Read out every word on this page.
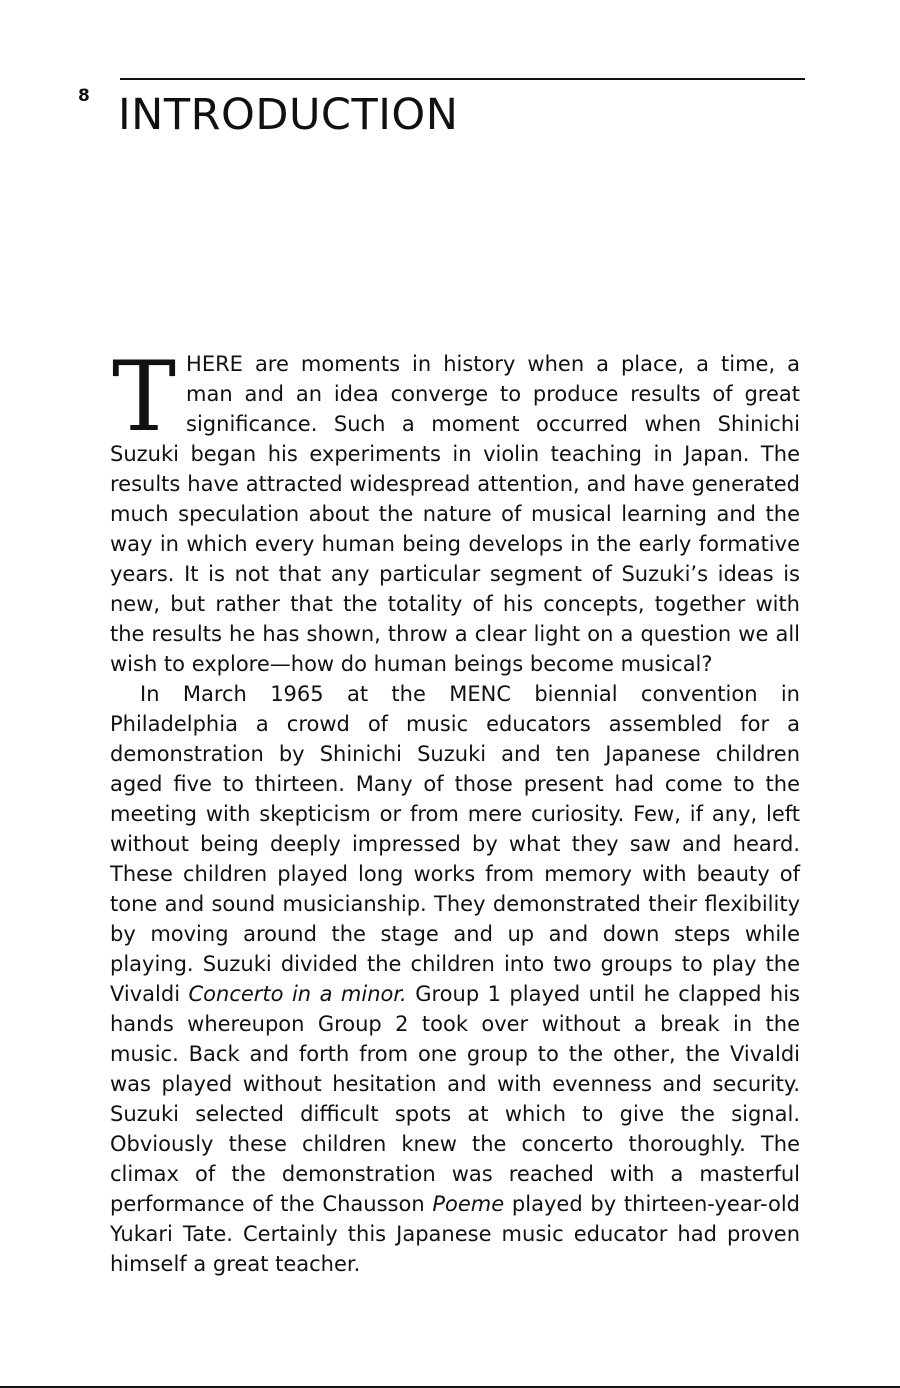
8 INTRODUCTION

THERE are moments in history when a place, a time, a man and an idea converge to produce results of great significance. Such a moment occurred when Shinichi Suzuki began his experiments in violin teaching in Japan. The results have attracted widespread attention, and have generated much speculation about the nature of musical learning and the way in which every human being develops in the early formative years. It is not that any particular segment of Suzuki’s ideas is new, but rather that the totality of his concepts, together with the results he has shown, throw a clear light on a question we all wish to explore—how do human beings become musical?

In March 1965 at the MENC biennial convention in Philadelphia a crowd of music educators assembled for a demonstration by Shinichi Suzuki and ten Japanese children aged five to thirteen. Many of those present had come to the meeting with skepticism or from mere curiosity. Few, if any, left without being deeply impressed by what they saw and heard. These children played long works from memory with beauty of tone and sound musicianship. They demonstrated their flexibility by moving around the stage and up and down steps while playing. Suzuki divided the children into two groups to play the Vivaldi Concerto in a minor. Group 1 played until he clapped his hands whereupon Group 2 took over without a break in the music. Back and forth from one group to the other, the Vivaldi was played without hesitation and with evenness and security. Suzuki selected difficult spots at which to give the signal. Obviously these children knew the concerto thoroughly. The climax of the demonstration was reached with a masterful performance of the Chausson Poeme played by thirteen-year-old Yukari Tate. Certainly this Japanese music educator had proven himself a great teacher.
